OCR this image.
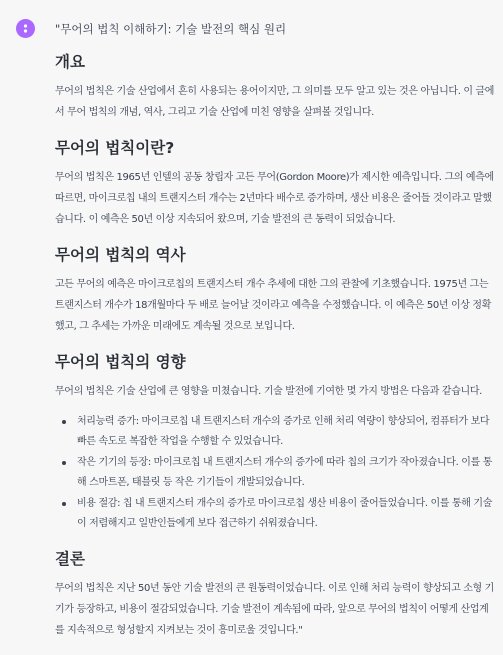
"무어의 법칙 이해하기: 기술 발전의 핵심 원리
개요

무어의 법칙은 기술 산업에서 흔히 사용되는 용어이지만, 그 의미를 모두 알고 있는 것은 아닙니다. 이 글에서 무어 법칙의 개념, 역사, 그리고 기술 산업에 미친 영향을 살펴볼 것입니다.

무어의 법칙이란?

무어의 법칙은 1965년 인텔의 공동 창립자 고든 무어(Gordon Moore)가 제시한 예측입니다. 그의 예측에 따르면, 마이크로칩 내의 트랜지스터 개수는 2년마다 배수로 증가하며, 생산 비용은 줄어들 것이라고 말했습니다. 이 예측은 50년 이상 지속되어 왔으며, 기술 발전의 큰 동력이 되었습니다.

무어의 법칙의 역사

고든 무어의 예측은 마이크로칩의 트랜지스터 개수 추세에 대한 그의 관찰에 기초했습니다. 1975년 그는 트랜지스터 개수가 18개월마다 두 배로 늘어날 것이라고 예측을 수정했습니다. 이 예측은 50년 이상 정확했고, 그 추세는 가까운 미래에도 계속될 것으로 보입니다.

무어의 법칙의 영향

무어의 법칙은 기술 산업에 큰 영향을 미쳤습니다. 기술 발전에 기여한 몇 가지 방법은 다음과 같습니다.

처리능력 증가: 마이크로칩 내 트랜지스터 개수의 증가로 인해 처리 역량이 향상되어, 컴퓨터가 보다 빠른 속도로 복잡한 작업을 수행할 수 있었습니다.
작은 기기의 등장: 마이크로칩 내 트랜지스터 개수의 증가에 따라 칩의 크기가 작아졌습니다. 이를 통해 스마트폰, 태블릿 등 작은 기기들이 개발되었습니다.
비용 절감: 칩 내 트랜지스터 개수의 증가로 마이크로칩 생산 비용이 줄어들었습니다. 이를 통해 기술이 저렴해지고 일반인들에게 보다 접근하기 쉬워졌습니다.
결론

무어의 법칙은 지난 50년 동안 기술 발전의 큰 원동력이었습니다. 이로 인해 처리 능력이 향상되고 소형 기기가 등장하고, 비용이 절감되었습니다. 기술 발전이 계속됨에 따라, 앞으로 무어의 법칙이 어떻게 산업계를 지속적으로 형성할지 지켜보는 것이 흥미로울 것입니다."
